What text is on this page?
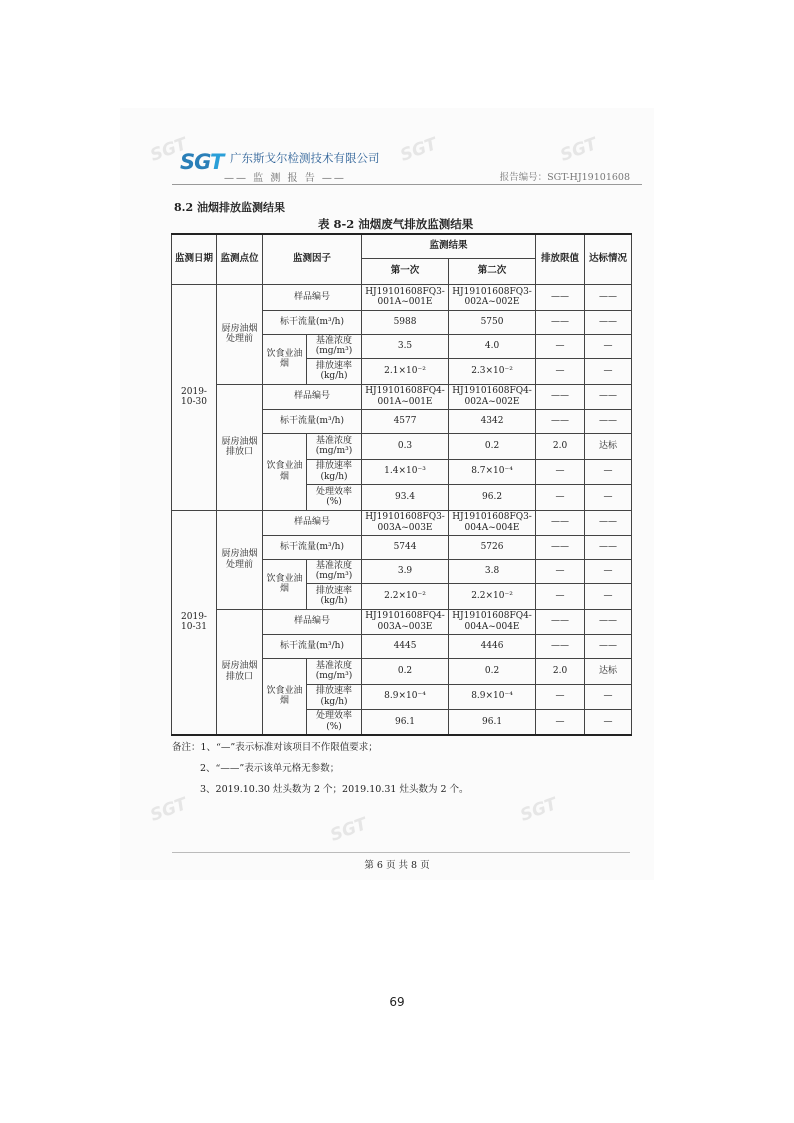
SGT	SGT	SGT
SGT
SGT
SGT
SGT 广东斯戈尔检测技术有限公司
—— 监 测 报 告 ——	报告编号：SGT-HJ19101608
8.2 油烟排放监测结果
表 8-2 油烟废气排放监测结果
监测日期	监测点位	监测因子		监测结果		排放限值	达标情况
				第一次	第二次		
2019-10-30	厨房油烟处理前	样品编号		HJ19101608FQ3-001A~001E	HJ19101608FQ3-002A~002E	——	——
		标干流量(m³/h)		5988	5750	——	——
		饮食业油烟	基准浓度(mg/m³)	3.5	4.0	—	—
			排放速率(kg/h)	2.1×10⁻²	2.3×10⁻²	—	—
	厨房油烟排放口	样品编号		HJ19101608FQ4-001A~001E	HJ19101608FQ4-002A~002E	——	——
		标干流量(m³/h)		4577	4342	——	——
		饮食业油烟	基准浓度(mg/m³)	0.3	0.2	2.0	达标
			排放速率(kg/h)	1.4×10⁻³	8.7×10⁻⁴	—	—
			处理效率(%)	93.4	96.2	—	—
2019-10-31	厨房油烟处理前	样品编号		HJ19101608FQ3-003A~003E	HJ19101608FQ3-004A~004E	——	——
		标干流量(m³/h)		5744	5726	——	——
		饮食业油烟	基准浓度(mg/m³)	3.9	3.8	—	—
			排放速率(kg/h)	2.2×10⁻²	2.2×10⁻²	—	—
	厨房油烟排放口	样品编号		HJ19101608FQ4-003A~003E	HJ19101608FQ4-004A~004E	——	——
		标干流量(m³/h)		4445	4446	——	——
		饮食业油烟	基准浓度(mg/m³)	0.2	0.2	2.0	达标
			排放速率(kg/h)	8.9×10⁻⁴	8.9×10⁻⁴	—	—
			处理效率(%)	96.1	96.1	—	—
备注：1、“—”表示标准对该项目不作限值要求；
2、“——”表示该单元格无参数；
3、2019.10.30 灶头数为 2 个；2019.10.31 灶头数为 2 个。
第 6 页 共 8 页
69
